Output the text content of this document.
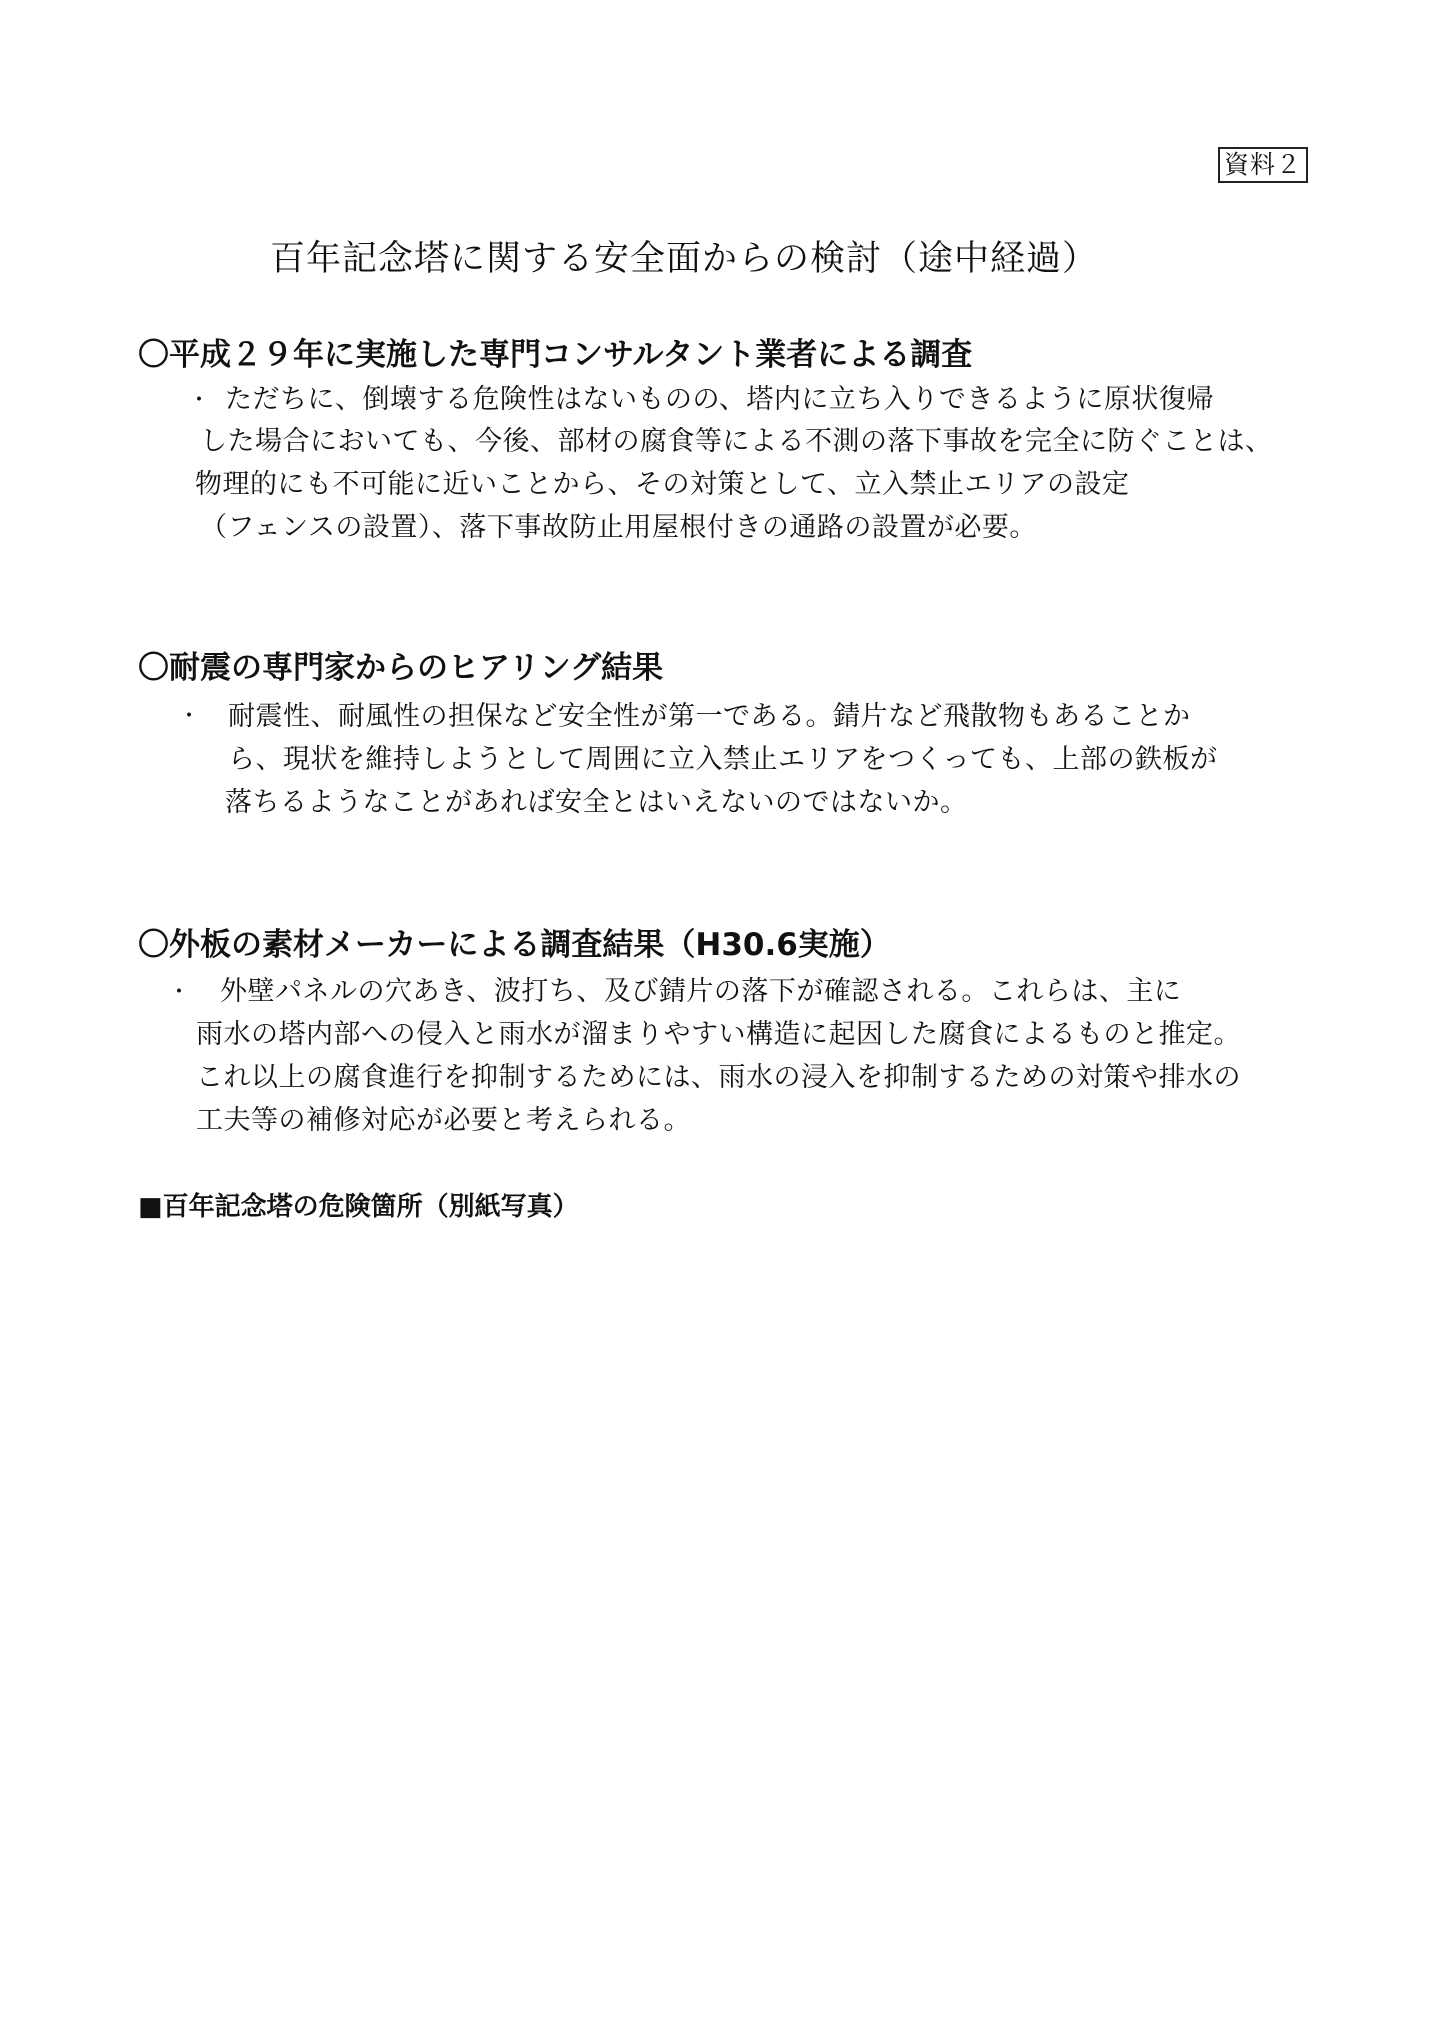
資料２
百年記念塔に関する安全面からの検討（途中経過）
〇平成２９年に実施した専門コンサルタント業者による調査
・ ただちに、倒壊する危険性はないものの、塔内に立ち入りできるように原状復帰
した場合においても、今後、部材の腐食等による不測の落下事故を完全に防ぐことは、
物理的にも不可能に近いことから、その対策として、立入禁止エリアの設定
（フェンスの設置）、落下事故防止用屋根付きの通路の設置が必要。
〇耐震の専門家からのヒアリング結果
・ 耐震性、耐風性の担保など安全性が第一である。錆片など飛散物もあることか
ら、現状を維持しようとして周囲に立入禁止エリアをつくっても、上部の鉄板が
落ちるようなことがあれば安全とはいえないのではないか。
〇外板の素材メーカーによる調査結果（H30.6実施）
・ 外壁パネルの穴あき、波打ち、及び錆片の落下が確認される。これらは、主に
雨水の塔内部への侵入と雨水が溜まりやすい構造に起因した腐食によるものと推定。
これ以上の腐食進行を抑制するためには、雨水の浸入を抑制するための対策や排水の
工夫等の補修対応が必要と考えられる。
■百年記念塔の危険箇所（別紙写真）
